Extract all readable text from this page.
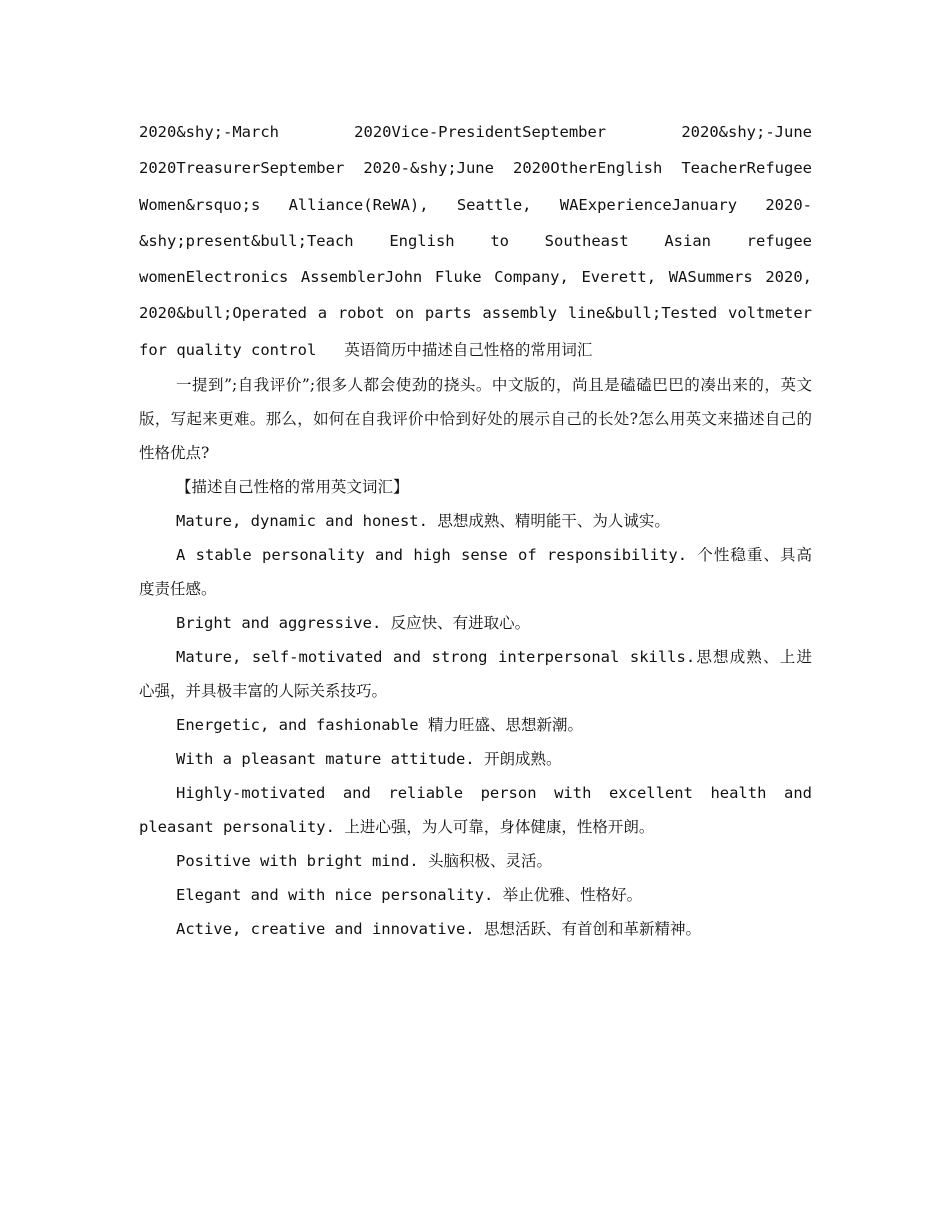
2020&shy;-March 2020Vice-PresidentSeptember 2020&shy;-June 2020TreasurerSeptember 2020-&shy;June 2020OtherEnglish TeacherRefugee Women&rsquo;s Alliance(ReWA), Seattle, WAExperienceJanuary 2020-&shy;present&bull;Teach English to Southeast Asian refugee womenElectronics AssemblerJohn Fluke Company, Everett, WASummers 2020, 2020&bull;Operated a robot on parts assembly line&bull;Tested voltmeter for quality control 英语简历中描述自己性格的常用词汇

一提到”;自我评价”;很多人都会使劲的挠头。中文版的，尚且是磕磕巴巴的凑出来的，英文版，写起来更难。那么，如何在自我评价中恰到好处的展示自己的长处?怎么用英文来描述自己的性格优点?

【描述自己性格的常用英文词汇】

Mature, dynamic and honest. 思想成熟、精明能干、为人诚实。

A stable personality and high sense of responsibility. 个性稳重、具高度责任感。

Bright and aggressive. 反应快、有进取心。

Mature, self-motivated and strong interpersonal skills.思想成熟、上进心强，并具极丰富的人际关系技巧。

Energetic, and fashionable 精力旺盛、思想新潮。

With a pleasant mature attitude. 开朗成熟。

Highly-motivated and reliable person with excellent health and pleasant personality. 上进心强，为人可靠，身体健康，性格开朗。

Positive with bright mind. 头脑积极、灵活。

Elegant and with nice personality. 举止优雅、性格好。

Active, creative and innovative. 思想活跃、有首创和革新精神。
